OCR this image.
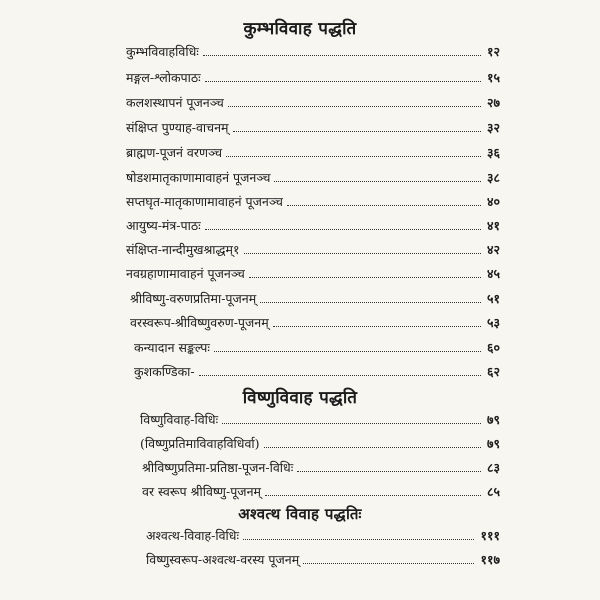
कुम्भविवाह पद्धति
कुम्भविवाहविधिः	१२
मङ्गल-श्लोकपाठः	१५
कलशस्थापनं पूजनञ्च	२७
संक्षिप्त पुण्याह-वाचनम्	३२
ब्राह्मण-पूजनं वरणञ्च	३६
षोडशमातृकाणामावाहनं पूजनञ्च	३८
सप्तघृत-मातृकाणामावाहनं पूजनञ्च	४०
आयुष्य-मंत्र-पाठः	४१
संक्षिप्त-नान्दीमुखश्राद्धम्१	४२
नवग्रहाणामावाहनं पूजनञ्च	४५
श्रीविष्णु-वरुणप्रतिमा-पूजनम्	५१
वरस्वरूप-श्रीविष्णुवरुण-पूजनम्	५३
कन्यादान सङ्कल्पः	६०
कुशकण्डिका-	६२
विष्णुविवाह पद्धति
विष्णुविवाह-विधिः	७९
(विष्णुप्रतिमाविवाहविधिर्वा)	७९
श्रीविष्णुप्रतिमा-प्रतिष्ठा-पूजन-विधिः	८३
वर स्वरूप श्रीविष्णु-पूजनम्	८५
अश्वत्थ विवाह पद्धतिः
अश्वत्थ-विवाह-विधिः	१११
विष्णुस्वरूप-अश्वत्थ-वरस्य पूजनम्	११७
